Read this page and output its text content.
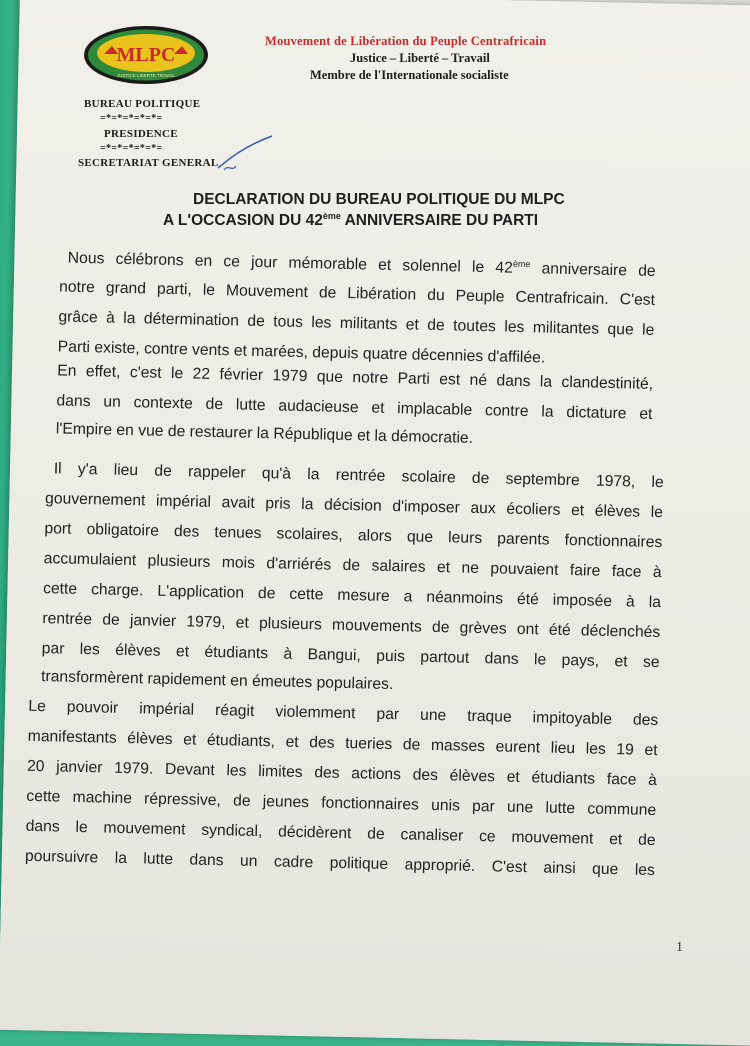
MLPC
JUSTICE LIBERTE TRAVAIL
Mouvement de Libération du Peuple Centrafricain
Justice – Liberté – Travail
Membre de l'Internationale socialiste
BUREAU POLITIQUE
=*=*=*=*=*=
PRESIDENCE
=*=*=*=*=*=
SECRETARIAT GENERAL
DECLARATION DU BUREAU POLITIQUE DU MLPC
A L'OCCASION DU 42ème ANNIVERSAIRE DU PARTI
Nous célébrons en ce jour mémorable et solennel le 42ème anniversaire de
notre grand parti, le Mouvement de Libération du Peuple Centrafricain. C'est
grâce à la détermination de tous les militants et de toutes les militantes que le
Parti existe, contre vents et marées, depuis quatre décennies d'affilée.
En effet, c'est le 22 février 1979 que notre Parti est né dans la clandestinité,
dans un contexte de lutte audacieuse et implacable contre la dictature et
l'Empire en vue de restaurer la République et la démocratie.
Il y'a lieu de rappeler qu'à la rentrée scolaire de septembre 1978, le
gouvernement impérial avait pris la décision d'imposer aux écoliers et élèves le
port obligatoire des tenues scolaires, alors que leurs parents fonctionnaires
accumulaient plusieurs mois d'arriérés de salaires et ne pouvaient faire face à
cette charge. L'application de cette mesure a néanmoins été imposée à la
rentrée de janvier 1979, et plusieurs mouvements de grèves ont été déclenchés
par les élèves et étudiants à Bangui, puis partout dans le pays, et se
transformèrent rapidement en émeutes populaires.
Le pouvoir impérial réagit violemment par une traque impitoyable des
manifestants élèves et étudiants, et des tueries de masses eurent lieu les 19 et
20 janvier 1979. Devant les limites des actions des élèves et étudiants face à
cette machine répressive, de jeunes fonctionnaires unis par une lutte commune
dans le mouvement syndical, décidèrent de canaliser ce mouvement et de
poursuivre la lutte dans un cadre politique approprié. C'est ainsi que les
1
